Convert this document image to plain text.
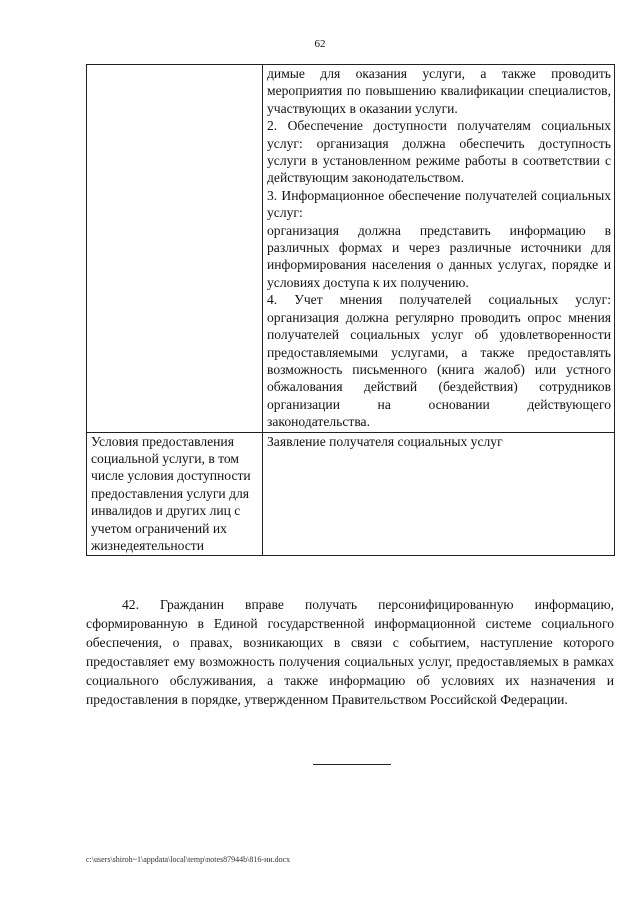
62

	димые для оказания услуги, а также проводить мероприятия по повышению квалификации специалистов, участвующих в оказании услуги.

2. Обеспечение доступности получателям социальных услуг: организация должна обеспечить доступность услуги в установленном режиме работы в соответствии с действующим законодательством.

3. Информационное обеспечение получателей социальных услуг:

организация должна представить информацию в различных формах и через различные источники для информирования населения о данных услугах, порядке и условиях доступа к их получению.

4. Учет мнения получателей социальных услуг: организация должна регулярно проводить опрос мнения получателей социальных услуг об удовлетворенности предоставляемыми услугами, а также предоставлять возможность письменного (книга жалоб) или устного обжалования действий (бездействия) сотрудников организации на основании действующего законодательства.

Условия предоставления социальной услуги, в том числе условия доступности предоставления услуги для инвалидов и других лиц с учетом ограничений их жизнедеятельности	Заявление получателя социальных услуг

42. Гражданин вправе получать персонифицированную информацию, сформированную в Единой государственной информационной системе социального обеспечения, о правах, возникающих в связи с событием, наступление которого предоставляет ему возможность получения социальных услуг, предоставляемых в рамках социального обслуживания, а также информацию об условиях их назначения и предоставления в порядке, утвержденном Правительством Российской Федерации.

c:\users\shiroh~1\appdata\local\temp\notes87944b\816-ии.docx
